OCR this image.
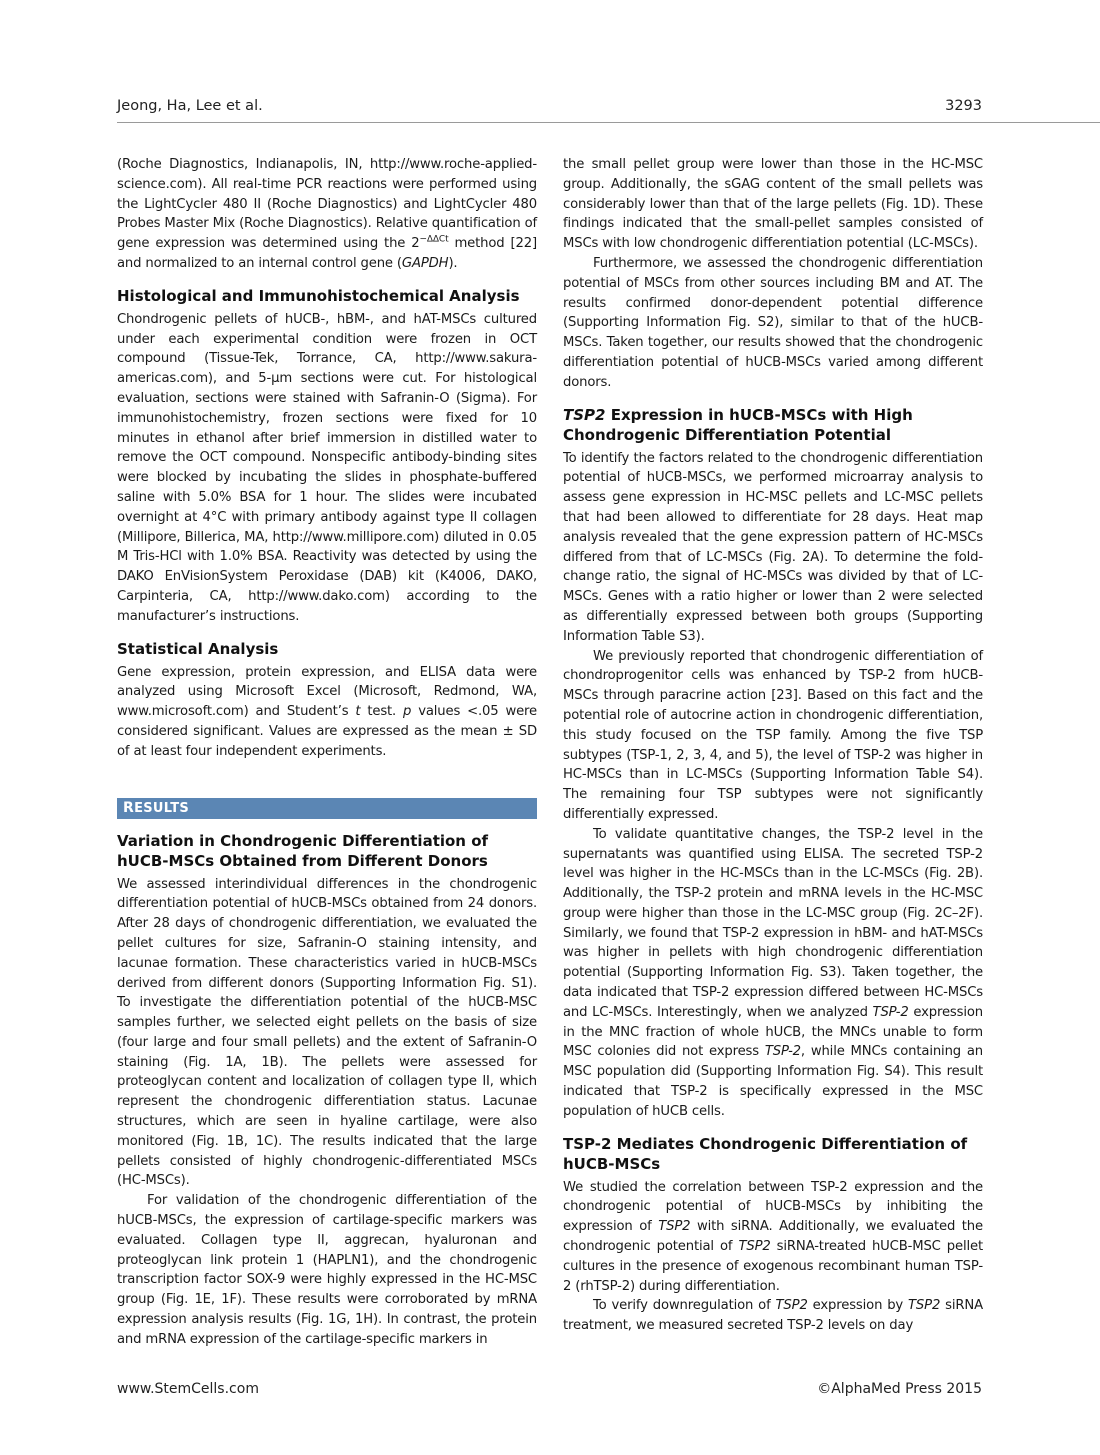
Jeong, Ha, Lee et al.	3293

(Roche Diagnostics, Indianapolis, IN, http://www.roche-applied-science.com). All real-time PCR reactions were performed using the LightCycler 480 II (Roche Diagnostics) and LightCycler 480 Probes Master Mix (Roche Diagnostics). Relative quantification of gene expression was determined using the $2^{-\Delta\Delta Ct}$ method [22] and normalized to an internal control gene (GAPDH).

Histological and Immunohistochemical Analysis

Chondrogenic pellets of hUCB-, hBM-, and hAT-MSCs cultured under each experimental condition were frozen in OCT compound (Tissue-Tek, Torrance, CA, http://www.sakura-americas.com), and 5-μm sections were cut. For histological evaluation, sections were stained with Safranin-O (Sigma). For immunohistochemistry, frozen sections were fixed for 10 minutes in ethanol after brief immersion in distilled water to remove the OCT compound. Nonspecific antibody-binding sites were blocked by incubating the slides in phosphate-buffered saline with 5.0% BSA for 1 hour. The slides were incubated overnight at 4°C with primary antibody against type II collagen (Millipore, Billerica, MA, http://www.millipore.com) diluted in 0.05 M Tris-HCl with 1.0% BSA. Reactivity was detected by using the DAKO EnVisionSystem Peroxidase (DAB) kit (K4006, DAKO, Carpinteria, CA, http://www.dako.com) according to the manufacturer’s instructions.

Statistical Analysis

Gene expression, protein expression, and ELISA data were analyzed using Microsoft Excel (Microsoft, Redmond, WA, www.microsoft.com) and Student’s t test. p values <.05 were considered significant. Values are expressed as the mean ± SD of at least four independent experiments.

RESULTS
Variation in Chondrogenic Differentiation of hUCB-MSCs Obtained from Different Donors

We assessed interindividual differences in the chondrogenic differentiation potential of hUCB-MSCs obtained from 24 donors. After 28 days of chondrogenic differentiation, we evaluated the pellet cultures for size, Safranin-O staining intensity, and lacunae formation. These characteristics varied in hUCB-MSCs derived from different donors (Supporting Information Fig. S1). To investigate the differentiation potential of the hUCB-MSC samples further, we selected eight pellets on the basis of size (four large and four small pellets) and the extent of Safranin-O staining (Fig. 1A, 1B). The pellets were assessed for proteoglycan content and localization of collagen type II, which represent the chondrogenic differentiation status. Lacunae structures, which are seen in hyaline cartilage, were also monitored (Fig. 1B, 1C). The results indicated that the large pellets consisted of highly chondrogenic-differentiated MSCs (HC-MSCs).

For validation of the chondrogenic differentiation of the hUCB-MSCs, the expression of cartilage-specific markers was evaluated. Collagen type II, aggrecan, hyaluronan and proteoglycan link protein 1 (HAPLN1), and the chondrogenic transcription factor SOX-9 were highly expressed in the HC-MSC group (Fig. 1E, 1F). These results were corroborated by mRNA expression analysis results (Fig. 1G, 1H). In contrast, the protein and mRNA expression of the cartilage-specific markers in

the small pellet group were lower than those in the HC-MSC group. Additionally, the sGAG content of the small pellets was considerably lower than that of the large pellets (Fig. 1D). These findings indicated that the small-pellet samples consisted of MSCs with low chondrogenic differentiation potential (LC-MSCs).

Furthermore, we assessed the chondrogenic differentiation potential of MSCs from other sources including BM and AT. The results confirmed donor-dependent potential difference (Supporting Information Fig. S2), similar to that of the hUCB-MSCs. Taken together, our results showed that the chondrogenic differentiation potential of hUCB-MSCs varied among different donors.

TSP2 Expression in hUCB-MSCs with High Chondrogenic Differentiation Potential

To identify the factors related to the chondrogenic differentiation potential of hUCB-MSCs, we performed microarray analysis to assess gene expression in HC-MSC pellets and LC-MSC pellets that had been allowed to differentiate for 28 days. Heat map analysis revealed that the gene expression pattern of HC-MSCs differed from that of LC-MSCs (Fig. 2A). To determine the fold-change ratio, the signal of HC-MSCs was divided by that of LC-MSCs. Genes with a ratio higher or lower than 2 were selected as differentially expressed between both groups (Supporting Information Table S3).

We previously reported that chondrogenic differentiation of chondroprogenitor cells was enhanced by TSP-2 from hUCB-MSCs through paracrine action [23]. Based on this fact and the potential role of autocrine action in chondrogenic differentiation, this study focused on the TSP family. Among the five TSP subtypes (TSP-1, 2, 3, 4, and 5), the level of TSP-2 was higher in HC-MSCs than in LC-MSCs (Supporting Information Table S4). The remaining four TSP subtypes were not significantly differentially expressed.

To validate quantitative changes, the TSP-2 level in the supernatants was quantified using ELISA. The secreted TSP-2 level was higher in the HC-MSCs than in the LC-MSCs (Fig. 2B). Additionally, the TSP-2 protein and mRNA levels in the HC-MSC group were higher than those in the LC-MSC group (Fig. 2C–2F). Similarly, we found that TSP-2 expression in hBM- and hAT-MSCs was higher in pellets with high chondrogenic differentiation potential (Supporting Information Fig. S3). Taken together, the data indicated that TSP-2 expression differed between HC-MSCs and LC-MSCs. Interestingly, when we analyzed TSP-2 expression in the MNC fraction of whole hUCB, the MNCs unable to form MSC colonies did not express TSP-2, while MNCs containing an MSC population did (Supporting Information Fig. S4). This result indicated that TSP-2 is specifically expressed in the MSC population of hUCB cells.

TSP-2 Mediates Chondrogenic Differentiation of hUCB-MSCs

We studied the correlation between TSP-2 expression and the chondrogenic potential of hUCB-MSCs by inhibiting the expression of TSP2 with siRNA. Additionally, we evaluated the chondrogenic potential of TSP2 siRNA-treated hUCB-MSC pellet cultures in the presence of exogenous recombinant human TSP-2 (rhTSP-2) during differentiation.

To verify downregulation of TSP2 expression by TSP2 siRNA treatment, we measured secreted TSP-2 levels on day

www.StemCells.com	©AlphaMed Press 2015
